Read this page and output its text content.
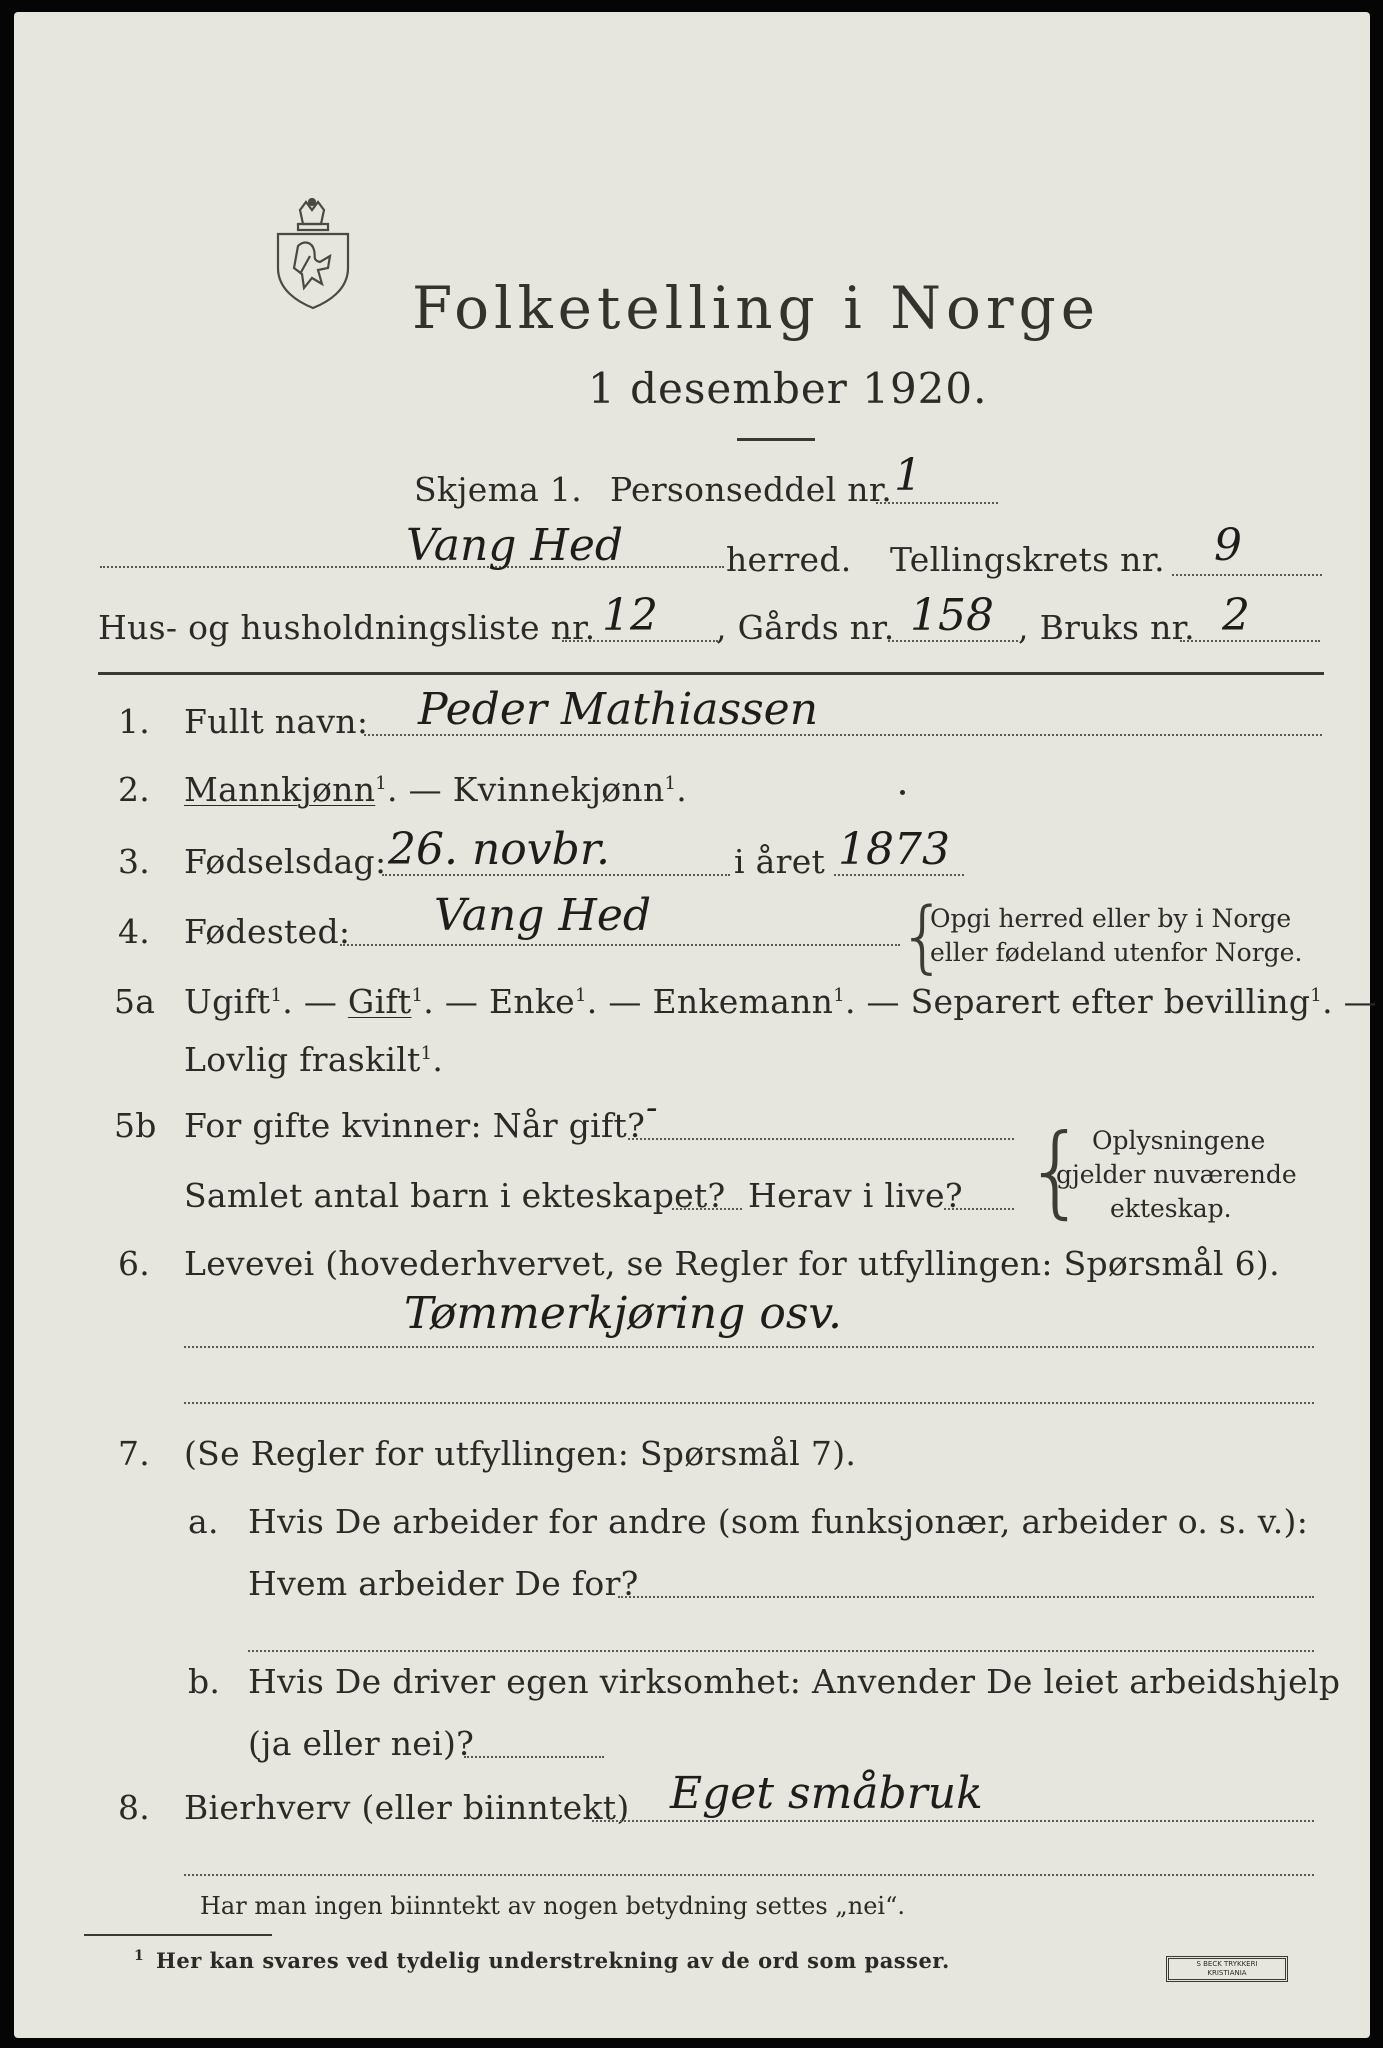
Folketelling i Norge
1 desember 1920.
Skjema 1. Personseddel nr. 1
Vang Hed	herred. Tellingskrets nr. 9
Hus- og husholdningsliste nr. 12 , Gårds nr. 158 , Bruks nr. 2
1. Fullt navn: Peder Mathiassen
2. Mannkjønn$^1$. — Kvinnekjønn$^1$.
3. Fødselsdag: 26. novbr.	i året 1873
4. Fødested: Vang Hed	{
Opgi herred eller by i Norge
eller fødeland utenfor Norge.
5a Ugift$^1$. — Gift$^1$. — Enke$^1$. — Enkemann$^1$. — Separert efter bevilling$^1$. —
Lovlig fraskilt$^1$.
5b For gifte kvinner: Når gift? -
Samlet antal barn i ekteskapet? Herav i live? { Oplysningene
gjelder nuværende
ekteskap.
6. Levevei (hovederhvervet, se Regler for utfyllingen: Spørsmål 6).
Tømmerkjøring osv.
7. (Se Regler for utfyllingen: Spørsmål 7).
a. Hvis De arbeider for andre (som funksjonær, arbeider o. s. v.):
Hvem arbeider De for?
b. Hvis De driver egen virksomhet: Anvender De leiet arbeidshjelp
(ja eller nei)?
8. Bierhverv (eller biinntekt) Eget småbruk
Har man ingen biinntekt av nogen betydning settes „nei“.
1 Her kan svares ved tydelig understrekning av de ord som passer.	S BECK TRYKKERI
KRISTIANIA
